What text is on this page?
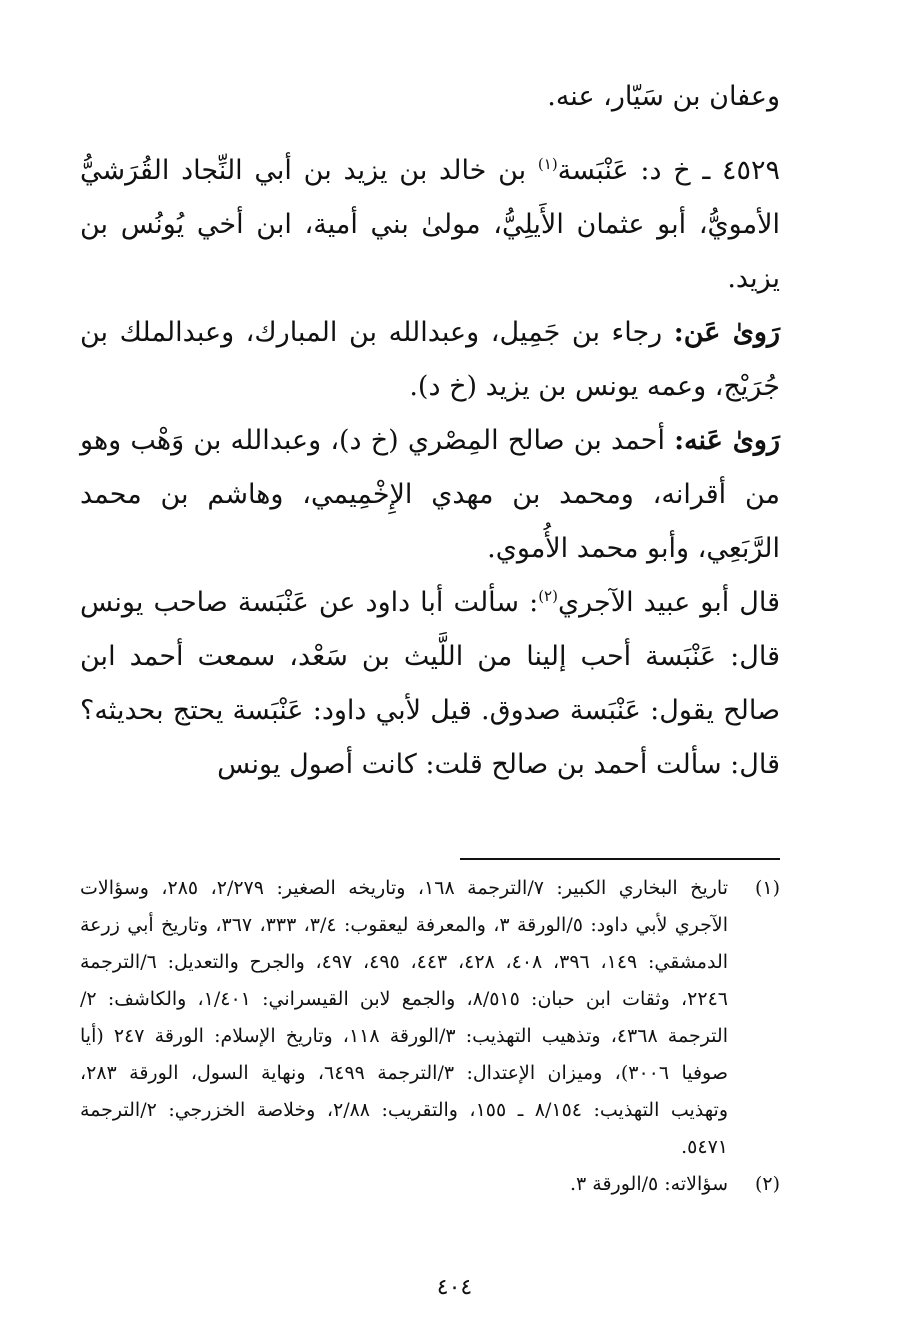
وعفان بن سَيّار، عنه.

٤٥٢٩ ـ خ د: عَنْبَسة$^{(١)}$ بن خالد بن يزيد بن أبي النِّجاد القُرَشيُّ الأمويُّ، أبو عثمان الأَيلِيُّ، مولىٰ بني أمية، ابن أخي يُونُس بن يزيد.

رَوىٰ عَن: رجاء بن جَمِيل، وعبدالله بن المبارك، وعبدالملك بن جُرَيْج، وعمه يونس بن يزيد (خ د).

رَوىٰ عَنه: أحمد بن صالح المِصْري (خ د)، وعبدالله بن وَهْب وهو من أقرانه، ومحمد بن مهدي الإِخْمِيمي، وهاشم بن محمد الرَّبَعِي، وأبو محمد الأُموي.

قال أبو عبيد الآجري$^{(٢)}$: سألت أبا داود عن عَنْبَسة صاحب يونس قال: عَنْبَسة أحب إلينا من اللَّيث بن سَعْد، سمعت أحمد ابن صالح يقول: عَنْبَسة صدوق. قيل لأبي داود: عَنْبَسة يحتج بحديثه؟ قال: سألت أحمد بن صالح قلت: كانت أصول يونس

(١)
تاريخ البخاري الكبير: ٧/الترجمة ١٦٨، وتاريخه الصغير: ٢/٢٧٩، ٢٨٥، وسؤالات الآجري لأبي داود: ٥/الورقة ٣، والمعرفة ليعقوب: ٣/٤، ٣٣٣، ٣٦٧، وتاريخ أبي زرعة الدمشقي: ١٤٩، ٣٩٦، ٤٠٨، ٤٢٨، ٤٤٣، ٤٩٥، ٤٩٧، والجرح والتعديل: ٦/الترجمة ٢٢٤٦، وثقات ابن حبان: ٨/٥١٥، والجمع لابن القيسراني: ١/٤٠١، والكاشف: ٢/الترجمة ٤٣٦٨، وتذهيب التهذيب: ٣/الورقة ١١٨، وتاريخ الإسلام: الورقة ٢٤٧ (أيا صوفيا ٣٠٠٦)، وميزان الإعتدال: ٣/الترجمة ٦٤٩٩، ونهاية السول، الورقة ٢٨٣، وتهذيب التهذيب: ٨/١٥٤ ـ ١٥٥، والتقريب: ٢/٨٨، وخلاصة الخزرجي: ٢/الترجمة ٥٤٧١.
(٢)
سؤالاته: ٥/الورقة ٣.
٤٠٤
